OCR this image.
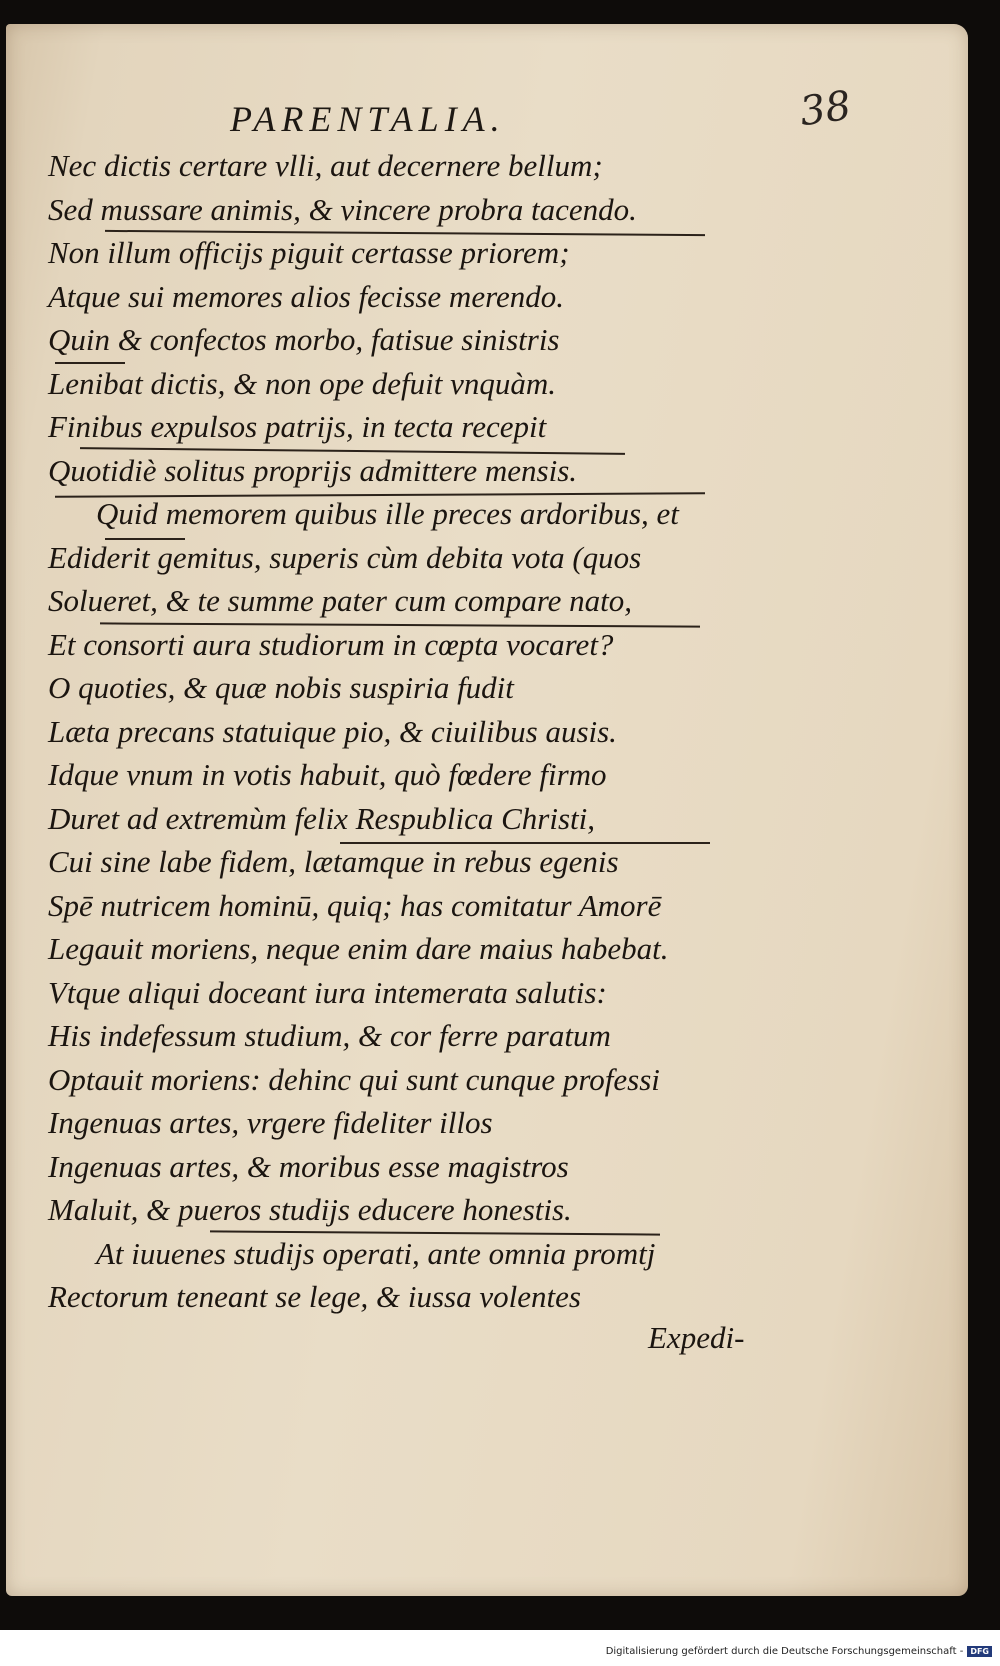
PARENTALIA.	38
Nec dictis certare vlli, aut decernere bellum;
Sed mussare animis, & vincere probra tacendo.
Non illum officijs piguit certasse priorem;
Atque sui memores alios fecisse merendo.
Quin & confectos morbo, fatisue sinistris
Lenibat dictis, & non ope defuit vnquàm.
Finibus expulsos patrijs, in tecta recepit
Quotidiè solitus proprijs admittere mensis.
Quid memorem quibus ille preces ardoribus, et
Ediderit gemitus, superis cùm debita vota (quos
Solueret, & te summe pater cum compare nato,
Et consorti aura studiorum in cœpta vocaret?
O quoties, & quæ nobis suspiria fudit
Læta precans statuique pio, & ciuilibus ausis.
Idque vnum in votis habuit, quò fœdere firmo
Duret ad extremùm felix Respublica Christi,
Cui sine labe fidem, lætamque in rebus egenis
Spē nutricem hominū, quiq; has comitatur Amorē
Legauit moriens, neque enim dare maius habebat.
Vtque aliqui doceant iura intemerata salutis:
His indefessum studium, & cor ferre paratum
Optauit moriens: dehinc qui sunt cunque professi
Ingenuas artes, vrgere fideliter illos
Ingenuas artes, & moribus esse magistros
Maluit, & pueros studijs educere honestis.
At iuuenes studijs operati, ante omnia promtj
Rectorum teneant se lege, & iussa volentes
Expedi-
Digitalisierung gefördert durch die Deutsche Forschungsgemeinschaft - DFG
